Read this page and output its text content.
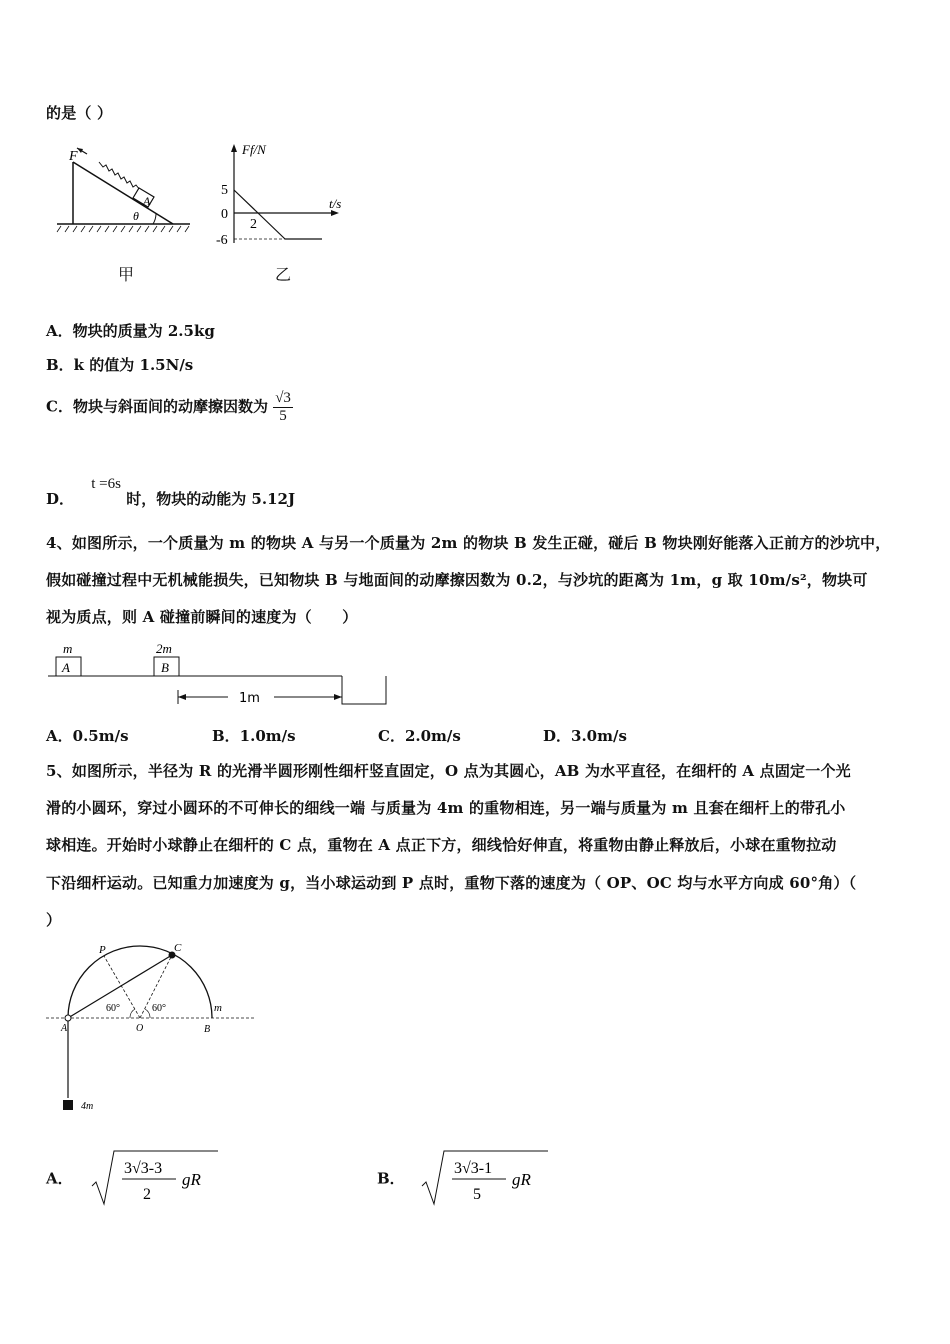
的是（ ）
F
A
θ
甲
Ff/N
t/s
5
0
2
-6
乙
A．物块的质量为 2.5kg
B．k 的值为 1.5N/s
C．物块与斜面间的动摩擦因数为 $\frac{√3}{5}$
D． t =6s 时，物块的动能为 5.12J
4、如图所示，一个质量为 m 的物块 A 与另一个质量为 2m 的物块 B 发生正碰，碰后 B 物块刚好能落入正前方的沙坑中，
假如碰撞过程中无机械能损失，已知物块 B 与地面间的动摩擦因数为 0.2，与沙坑的距离为 1m，g 取 10m/s²，物块可
视为质点，则 A 碰撞前瞬间的速度为（　　）
m
A
2m
B
1m
A．0.5m/s	B．1.0m/s	C．2.0m/s	D．3.0m/s
5、如图所示，半径为 R 的光滑半圆形刚性细杆竖直固定，O 点为其圆心，AB 为水平直径，在细杆的 A 点固定一个光
滑的小圆环，穿过小圆环的不可伸长的细线一端 与质量为 4m 的重物相连，另一端与质量为 m 且套在细杆上的带孔小
球相连。开始时小球静止在细杆的 C 点，重物在 A 点正下方，细线恰好伸直，将重物由静止释放后，小球在重物拉动
下沿细杆运动。已知重力加速度为 g，当小球运动到 P 点时，重物下落的速度为（ OP、OC 均与水平方向成 60°角）（
）
P	C
60°	60°	m
A	O	B
4m
A．
3√3-3
2
gR	B．
3√3-1
5
gR
